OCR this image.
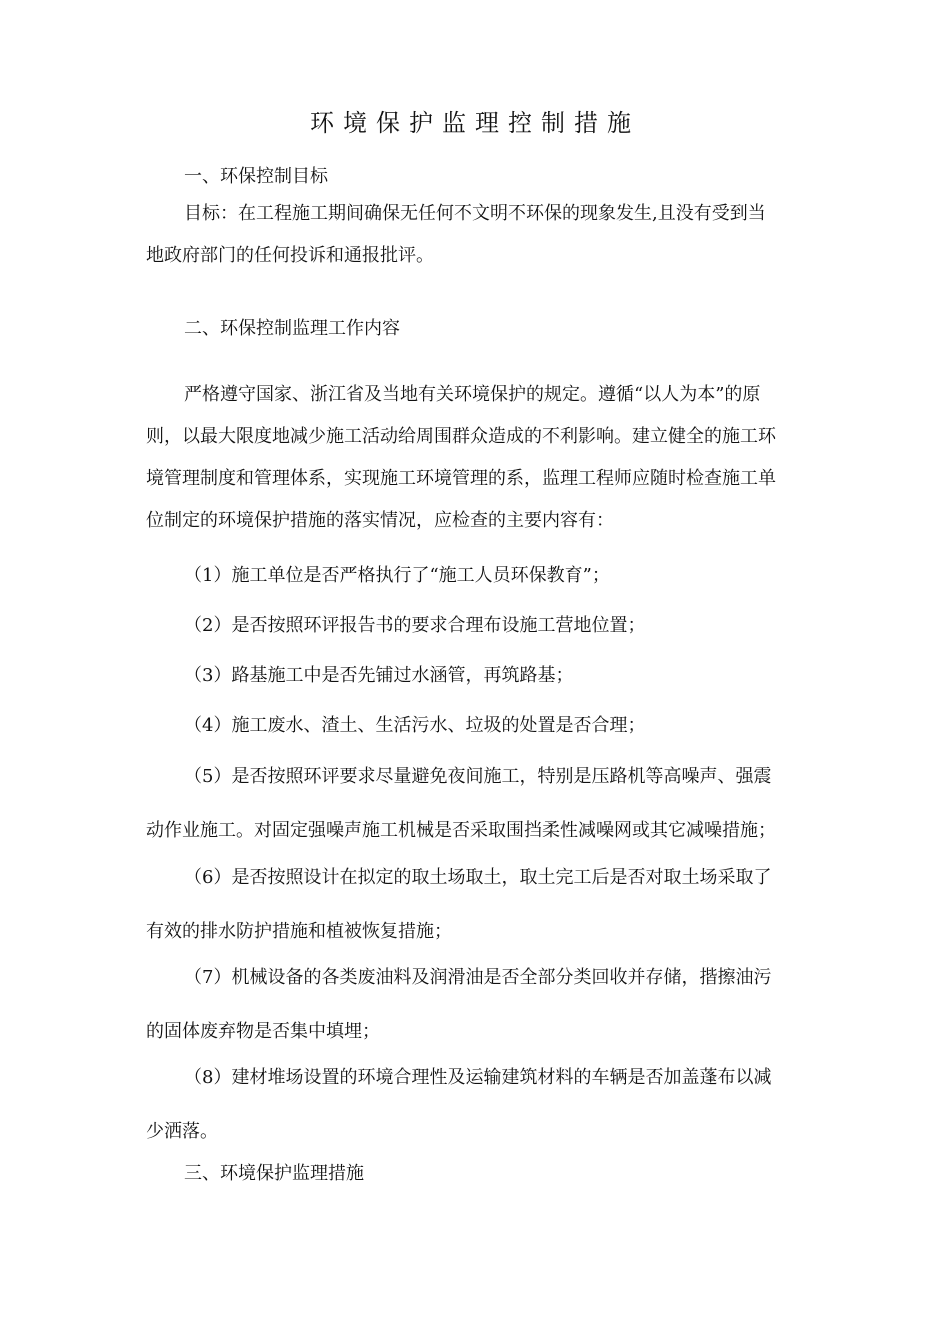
环境保护监理控制措施
一、环保控制目标
目标：在工程施工期间确保无任何不文明不环保的现象发生,且没有受到当
地政府部门的任何投诉和通报批评。
二、环保控制监理工作内容
严格遵守国家、浙江省及当地有关环境保护的规定。遵循“以人为本”的原
则，以最大限度地减少施工活动给周围群众造成的不利影响。建立健全的施工环
境管理制度和管理体系，实现施工环境管理的系，监理工程师应随时检查施工单
位制定的环境保护措施的落实情况，应检查的主要内容有：
（1）施工单位是否严格执行了“施工人员环保教育”；
（2）是否按照环评报告书的要求合理布设施工营地位置；
（3）路基施工中是否先铺过水涵管，再筑路基；
（4）施工废水、渣土、生活污水、垃圾的处置是否合理；
（5）是否按照环评要求尽量避免夜间施工，特别是压路机等高噪声、强震
动作业施工。对固定强噪声施工机械是否采取围挡柔性减噪网或其它减噪措施；
（6）是否按照设计在拟定的取土场取土，取土完工后是否对取土场采取了
有效的排水防护措施和植被恢复措施；
（7）机械设备的各类废油料及润滑油是否全部分类回收并存储，揩擦油污
的固体废弃物是否集中填埋；
（8）建材堆场设置的环境合理性及运输建筑材料的车辆是否加盖蓬布以减
少洒落。
三、环境保护监理措施
